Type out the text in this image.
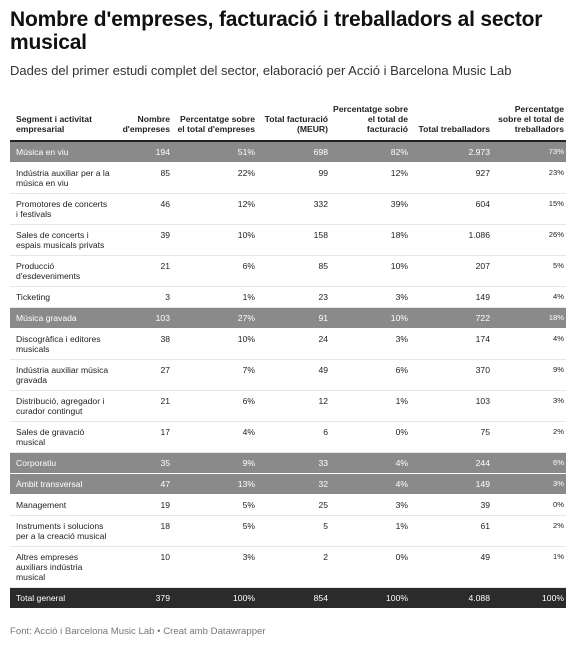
Nombre d'empreses, facturació i treballadors al sector musical

Dades del primer estudi complet del sector, elaboració per Acció i Barcelona Music Lab

Segment i activitat empresarial	Nombre d'empreses	Percentatge sobre el total d'empreses	Total facturació (MEUR)	Percentatge sobre el total de facturació	Total treballadors	Percentatge sobre el total de treballadors
Música en viu	194	51%	698	82%	2.973	73%
Indústria auxiliar per a la música en viu	85	22%	99	12%	927	23%
Promotores de concerts i festivals	46	12%	332	39%	604	15%
Sales de concerts i espais musicals privats	39	10%	158	18%	1.086	26%
Producció d'esdeveniments	21	6%	85	10%	207	5%
Ticketing	3	1%	23	3%	149	4%
Música gravada	103	27%	91	10%	722	18%
Discogràfica i editores musicals	38	10%	24	3%	174	4%
Indústria auxiliar música gravada	27	7%	49	6%	370	9%
Distribució, agregador i curador contingut	21	6%	12	1%	103	3%
Sales de gravació musical	17	4%	6	0%	75	2%
Corporatiu	35	9%	33	4%	244	6%
Àmbit transversal	47	13%	32	4%	149	3%
Management	19	5%	25	3%	39	0%
Instruments i solucions per a la creació musical	18	5%	5	1%	61	2%
Altres empreses auxiliars indústria musical	10	3%	2	0%	49	1%
Total general	379	100%	854	100%	4.088	100%
Font: Acció i Barcelona Music Lab • Creat amb Datawrapper
